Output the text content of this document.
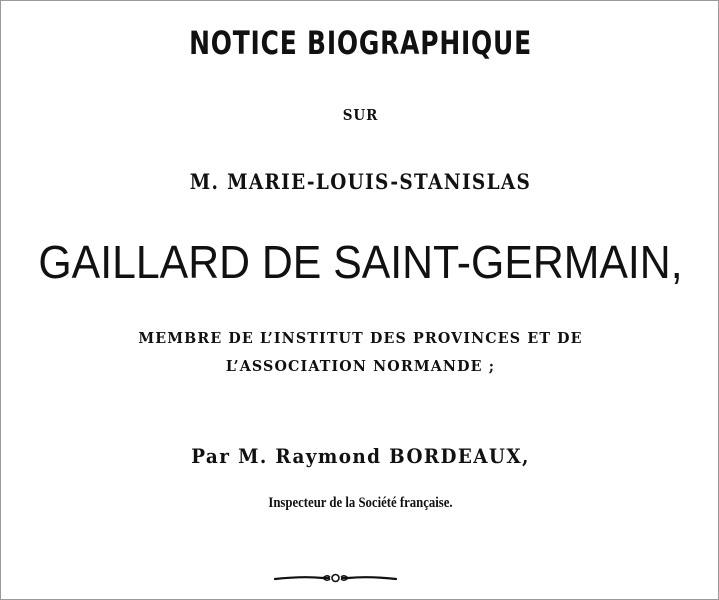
NOTICE BIOGRAPHIQUE
SUR
M. MARIE-LOUIS-STANISLAS
GAILLARD DE SAINT-GERMAIN,
MEMBRE DE L’INSTITUT DES PROVINCES ET DE
L’ASSOCIATION NORMANDE ;
Par M. Raymond BORDEAUX,
Inspecteur de la Société française.
